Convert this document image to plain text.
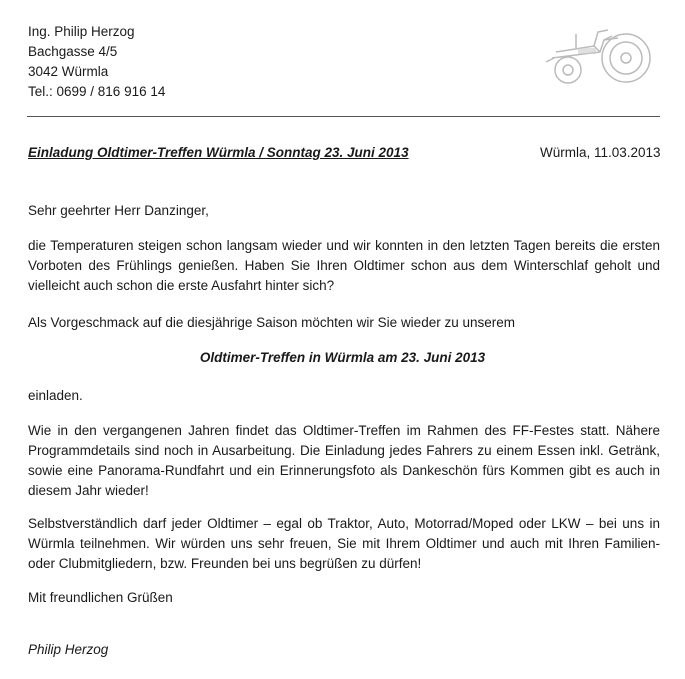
Ing. Philip Herzog
Bachgasse 4/5
3042 Würmla
Tel.: 0699 / 816 916 14
Einladung Oldtimer-Treffen Würmla / Sonntag 23. Juni 2013	Würmla, 11.03.2013
Sehr geehrter Herr Danzinger,
die Temperaturen steigen schon langsam wieder und wir konnten in den letzten Tagen bereits die ersten Vorboten des Frühlings genießen. Haben Sie Ihren Oldtimer schon aus dem Winterschlaf geholt und vielleicht auch schon die erste Ausfahrt hinter sich?
Als Vorgeschmack auf die diesjährige Saison möchten wir Sie wieder zu unserem
Oldtimer-Treffen in Würmla am 23. Juni 2013
einladen.
Wie in den vergangenen Jahren findet das Oldtimer-Treffen im Rahmen des FF-Festes statt. Nähere Programmdetails sind noch in Ausarbeitung. Die Einladung jedes Fahrers zu einem Essen inkl. Getränk, sowie eine Panorama-Rundfahrt und ein Erinnerungsfoto als Dankeschön fürs Kommen gibt es auch in diesem Jahr wieder!
Selbstverständlich darf jeder Oldtimer – egal ob Traktor, Auto, Motorrad/Moped oder LKW – bei uns in Würmla teilnehmen. Wir würden uns sehr freuen, Sie mit Ihrem Oldtimer und auch mit Ihren Familien- oder Clubmitgliedern, bzw. Freunden bei uns begrüßen zu dürfen!
Mit freundlichen Grüßen
Philip Herzog
